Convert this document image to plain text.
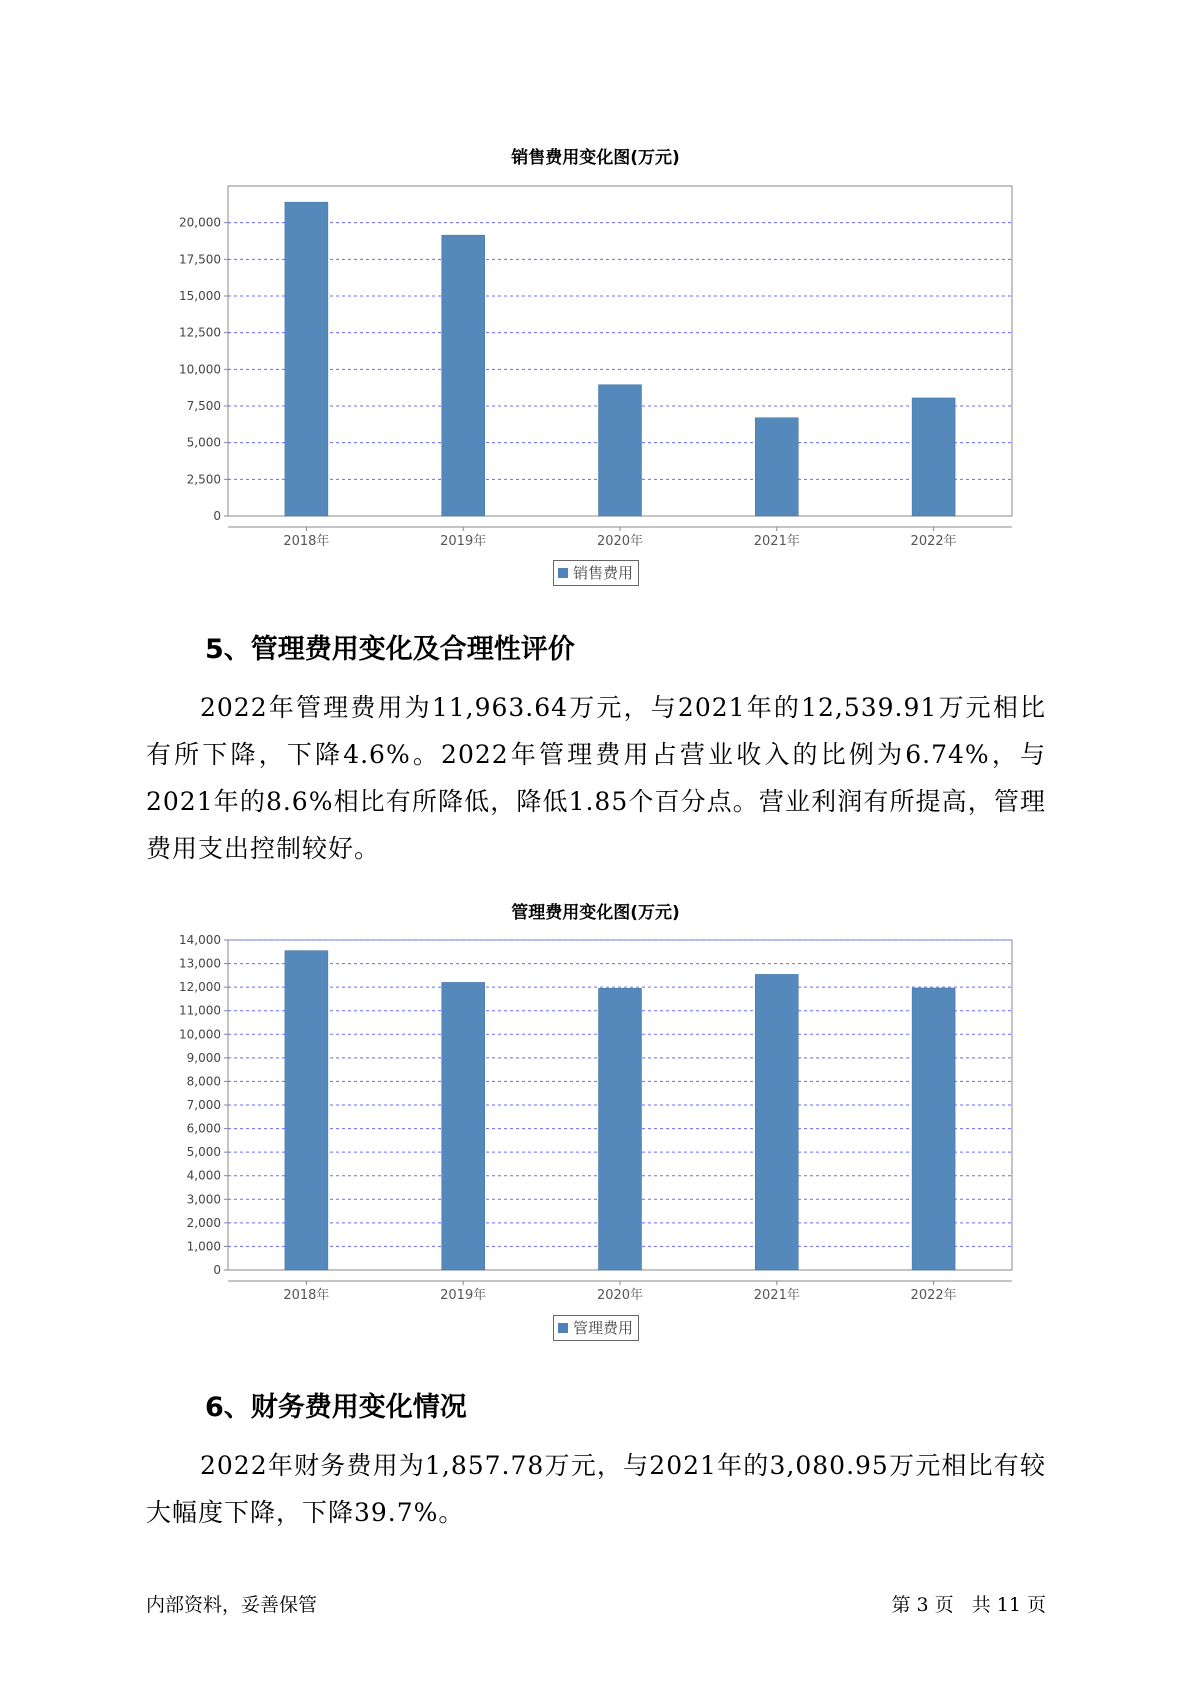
销售费用变化图(万元)
0
2,500
5,000
7,500
10,000
12,500
15,000
17,500
20,000
2018年	2019年	2020年	2021年	2022年
销售费用
5、管理费用变化及合理性评价

2022年管理费用为11,963.64万元，与2021年的12,539.91万元相比有所下降，下降4.6%。2022年管理费用占营业收入的比例为6.74%，与2021年的8.6%相比有所降低，降低1.85个百分点。营业利润有所提高，管理费用支出控制较好。

管理费用变化图(万元)
0
1,000
2,000
3,000
4,000
5,000
6,000
7,000
8,000
9,000
10,000
11,000
12,000
13,000
14,000
2018年	2019年	2020年	2021年	2022年
管理费用
6、财务费用变化情况

2022年财务费用为1,857.78万元，与2021年的3,080.95万元相比有较大幅度下降，下降39.7%。

内部资料，妥善保管	第 3 页   共 11 页
